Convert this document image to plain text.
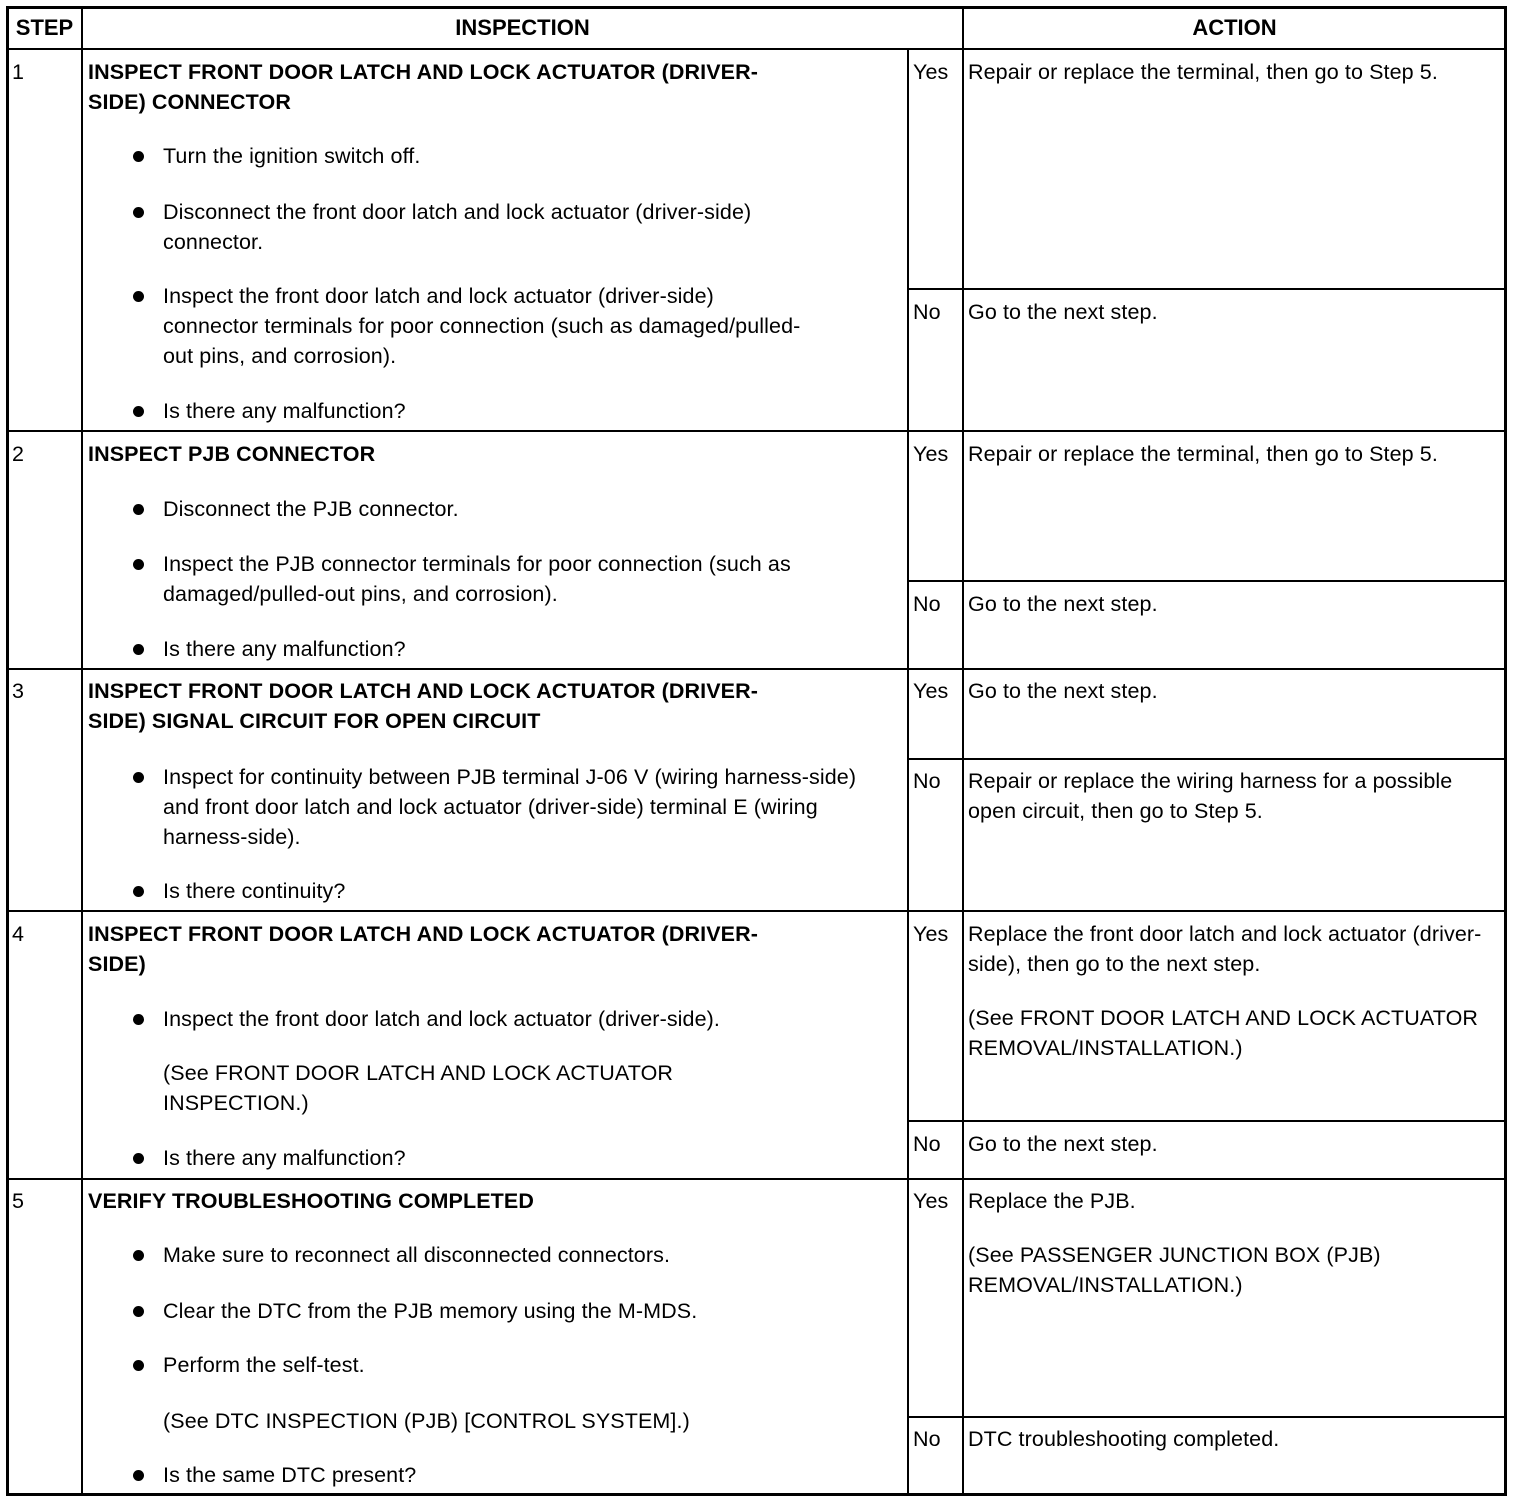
STEP	INSPECTION	ACTION
1	INSPECT FRONT DOOR LATCH AND LOCK ACTUATOR (DRIVER-SIDE) CONNECTOR
Turn the ignition switch off.
Disconnect the front door latch and lock actuator (driver-side) connector.
Inspect the front door latch and lock actuator (driver-side) connector terminals for poor connection (such as damaged/pulled-out pins, and corrosion).
Is there any malfunction?
Yes Repair or replace the terminal, then go to Step 5.
No Go to the next step.
2	INSPECT PJB CONNECTOR
Disconnect the PJB connector.
Inspect the PJB connector terminals for poor connection (such as damaged/pulled-out pins, and corrosion).
Is there any malfunction?
Yes Repair or replace the terminal, then go to Step 5.
No Go to the next step.
3	INSPECT FRONT DOOR LATCH AND LOCK ACTUATOR (DRIVER-SIDE) SIGNAL CIRCUIT FOR OPEN CIRCUIT
Inspect for continuity between PJB terminal J-06 V (wiring harness-side) and front door latch and lock actuator (driver-side) terminal E (wiring harness-side).
Is there continuity?
Yes Go to the next step.
No Repair or replace the wiring harness for a possible open circuit, then go to Step 5.
4	INSPECT FRONT DOOR LATCH AND LOCK ACTUATOR (DRIVER-SIDE)
Inspect the front door latch and lock actuator (driver-side).
(See FRONT DOOR LATCH AND LOCK ACTUATOR INSPECTION.)
Is there any malfunction?
Yes Replace the front door latch and lock actuator (driver-side), then go to the next step.
(See FRONT DOOR LATCH AND LOCK ACTUATOR REMOVAL/INSTALLATION.)
No Go to the next step.
5	VERIFY TROUBLESHOOTING COMPLETED
Make sure to reconnect all disconnected connectors.
Clear the DTC from the PJB memory using the M-MDS.
Perform the self-test.
(See DTC INSPECTION (PJB) [CONTROL SYSTEM].)
Is the same DTC present?
Yes Replace the PJB.
(See PASSENGER JUNCTION BOX (PJB) REMOVAL/INSTALLATION.)
No DTC troubleshooting completed.
